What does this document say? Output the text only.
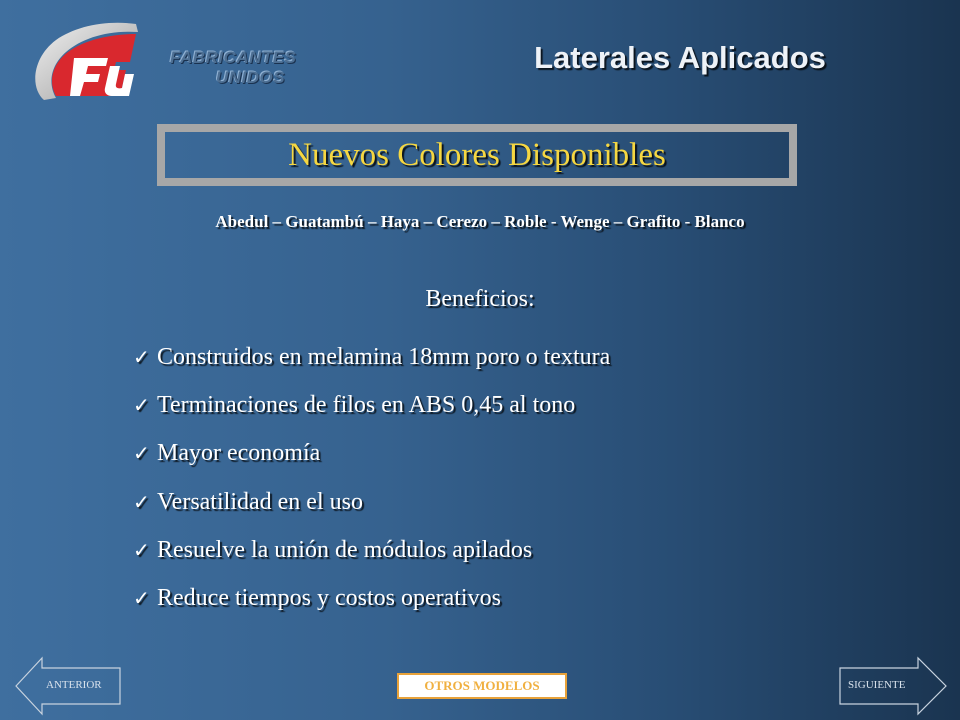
FABRICANTES
UNIDOS
Laterales Aplicados
Nuevos Colores Disponibles
Abedul – Guatambú – Haya – Cerezo – Roble - Wenge – Grafito - Blanco
Beneficios:
✓ Construidos en melamina 18mm poro o textura
✓ Terminaciones de filos en ABS 0,45 al tono
✓ Mayor economía
✓ Versatilidad en el uso
✓ Resuelve la unión de módulos apilados
✓ Reduce tiempos y costos operativos
ANTERIOR	OTROS MODELOS	SIGUIENTE
